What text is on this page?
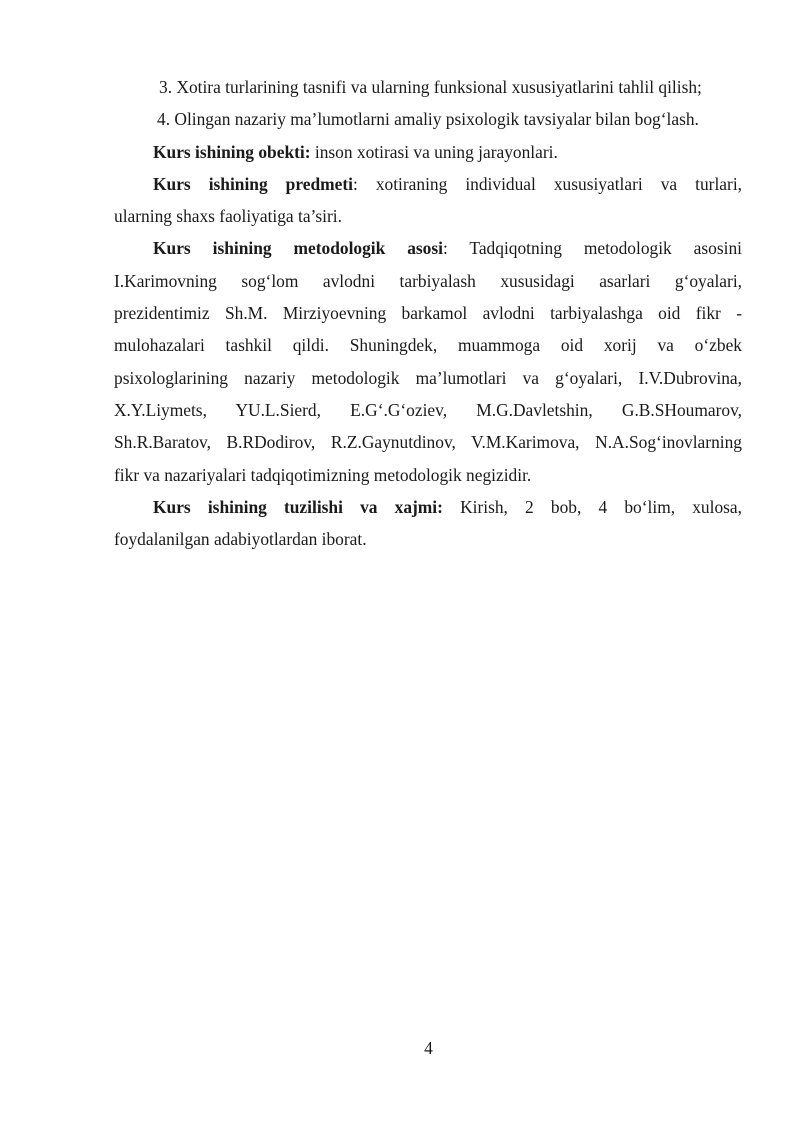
3. Xotira turlarining tasnifi va ularning funksional xususiyatlarini tahlil qilish;
4. Olingan nazariy ma’lumotlarni amaliy psixologik tavsiyalar bilan bog‘lash.
Kurs ishining obekti: inson xotirasi va uning jarayonlari.
Kurs ishining predmeti: xotiraning individual xususiyatlari va turlari,
ularning shaxs faoliyatiga ta’siri.
Kurs ishining metodologik asosi: Tadqiqotning metodologik asosini
I.Karimovning sog‘lom avlodni tarbiyalash xususidagi asarlari g‘oyalari,
prezidentimiz Sh.M. Mirziyoevning barkamol avlodni tarbiyalashga oid fikr -
mulohazalari tashkil qildi. Shuningdek, muammoga oid xorij va o‘zbek
psixologlarining nazariy metodologik ma’lumotlari va g‘oyalari, I.V.Dubrovina,
X.Y.Liymets, YU.L.Sierd, E.G‘.G‘oziev, M.G.Davletshin, G.B.SHoumarov,
Sh.R.Baratov, B.RDodirov, R.Z.Gaynutdinov, V.M.Karimova, N.A.Sog‘inovlarning
fikr va nazariyalari tadqiqotimizning metodologik negizidir.
Kurs ishining tuzilishi va xajmi: Kirish, 2 bob, 4 bo‘lim, xulosa,
foydalanilgan adabiyotlardan iborat.
4
